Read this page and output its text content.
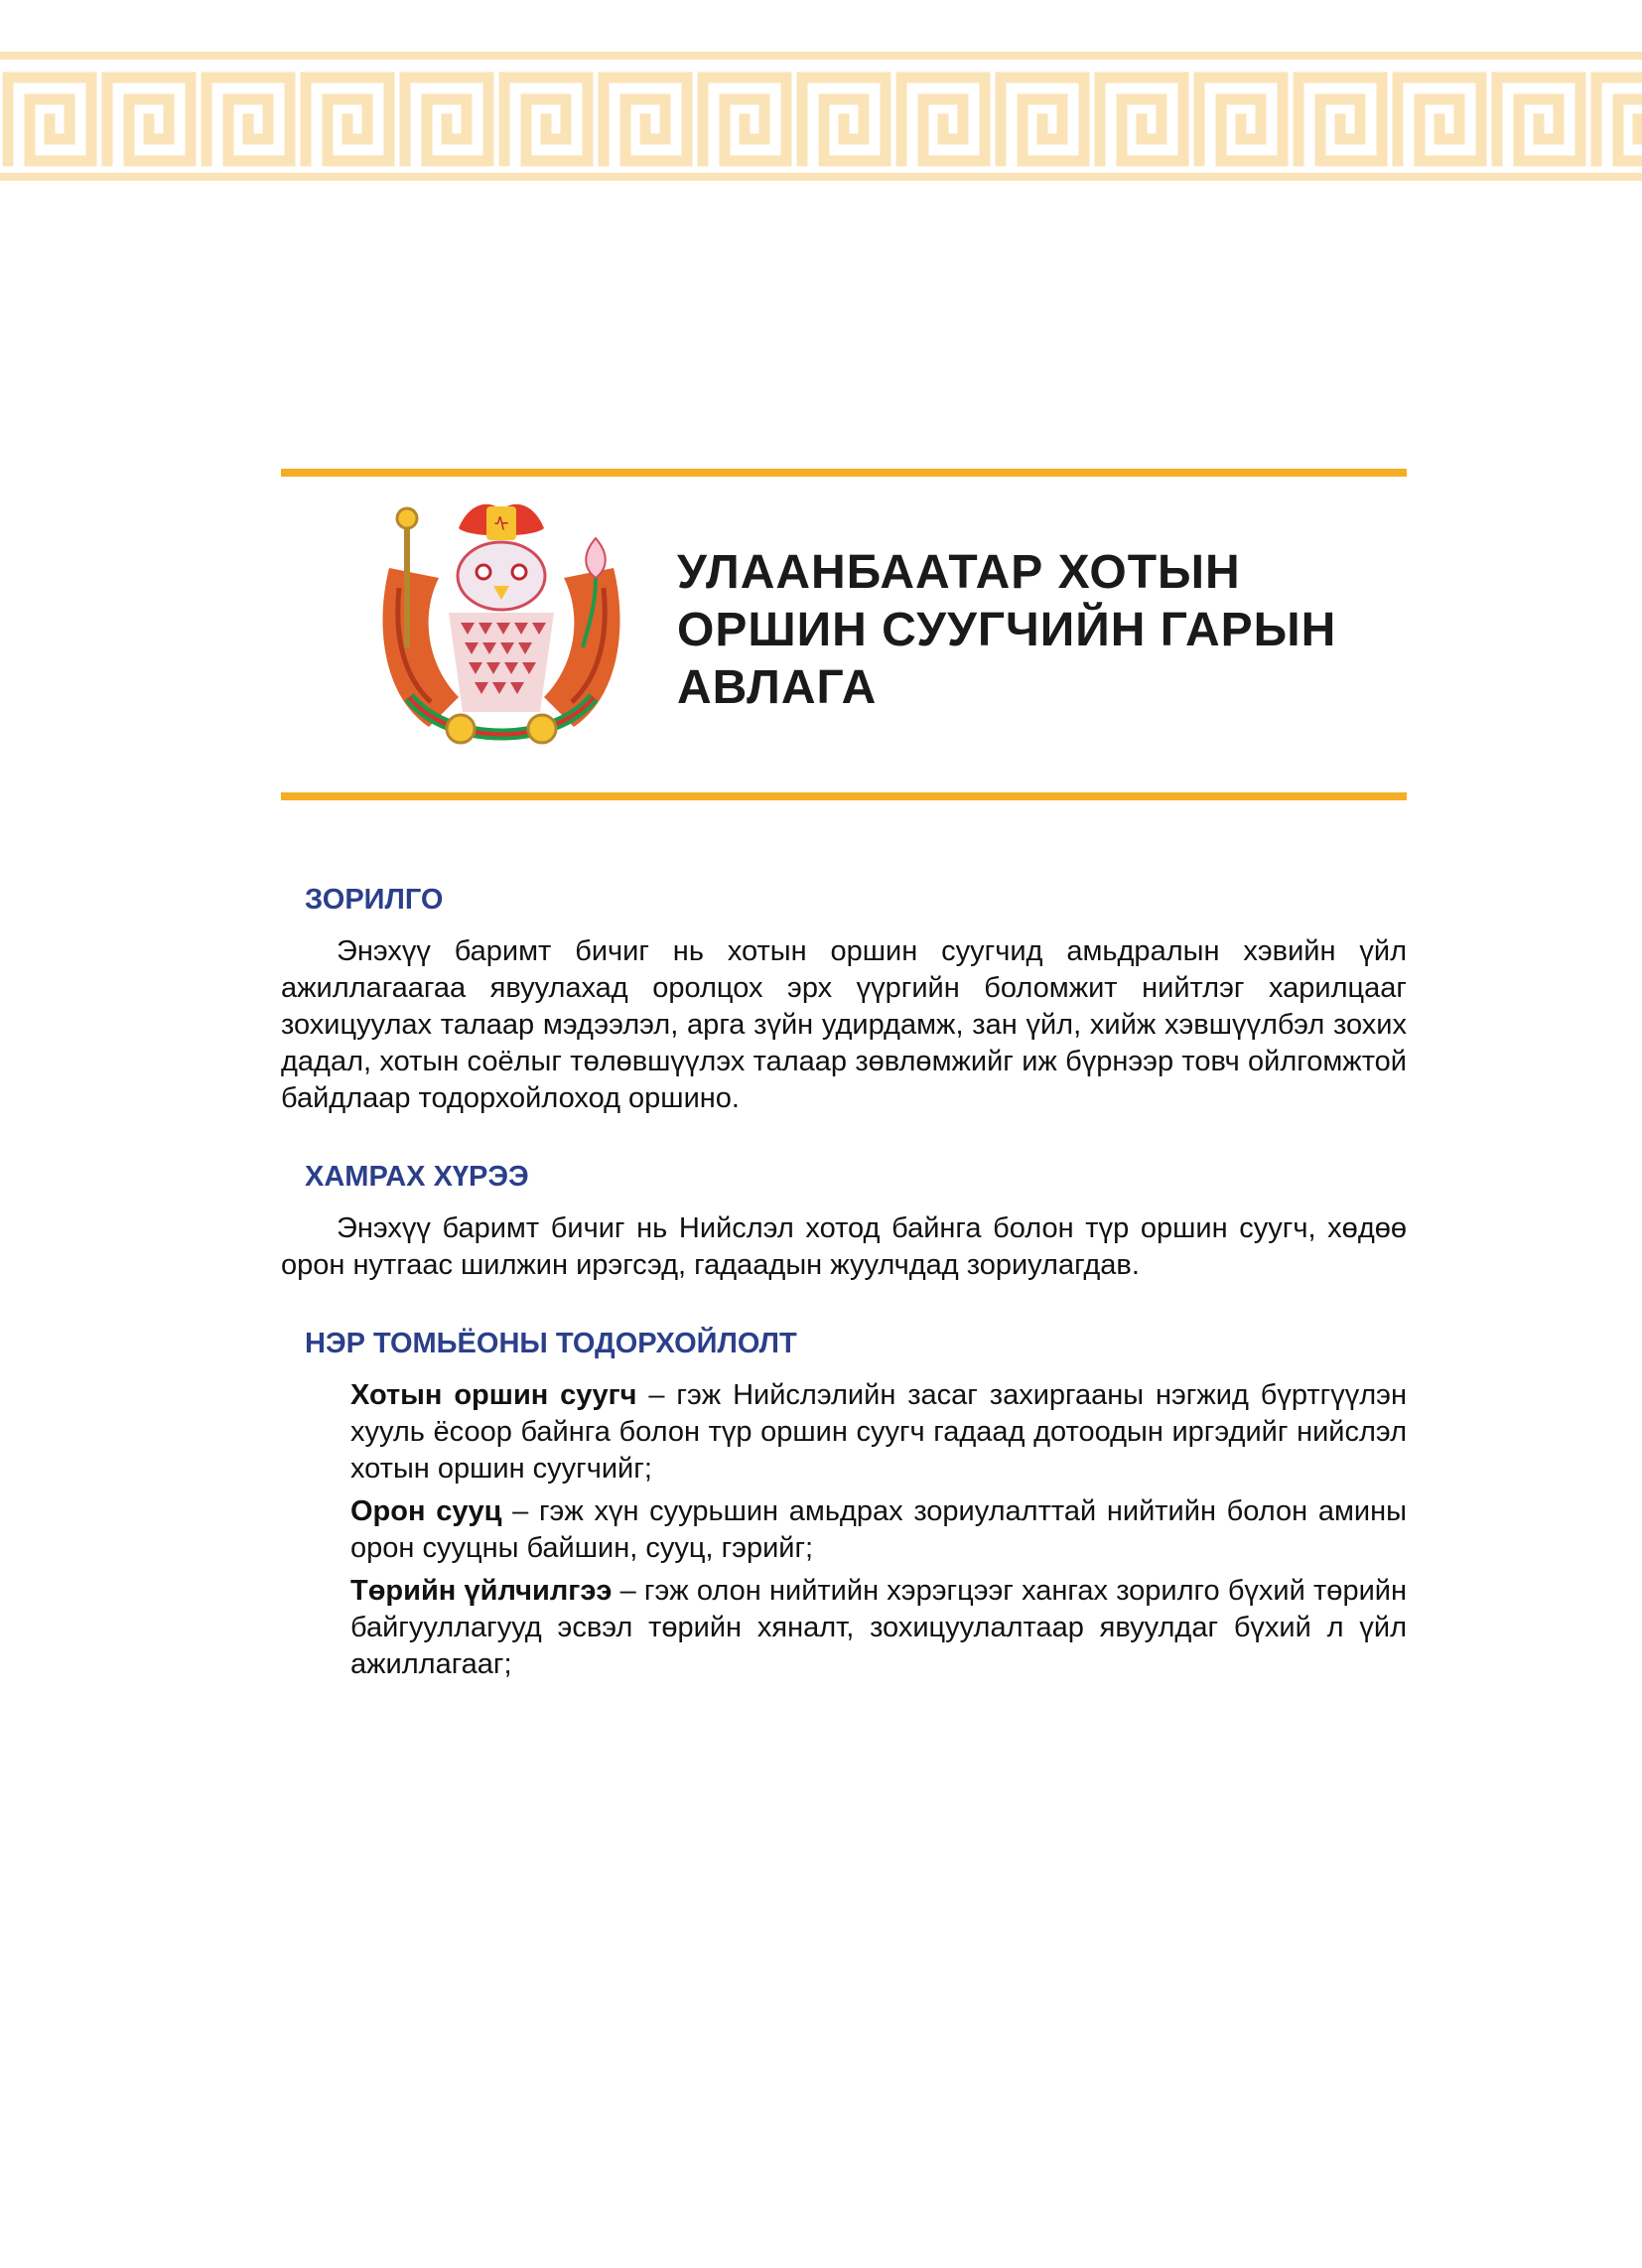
ᠰ
УЛААНБААТАР ХОТЫН
ОРШИН СУУГЧИЙН ГАРЫН
АВЛАГА
ЗОРИЛГО

Энэхүү баримт бичиг нь хотын оршин суугчид амьдралын хэвийн үйл ажиллагаагаа явуулахад оролцох эрх үүргийн боломжит нийтлэг харилцааг зохицуулах талаар мэдээлэл, арга зүйн удирдамж, зан үйл, хийж хэвшүүлбэл зохих дадал, хотын соёлыг төлөвшүүлэх талаар зөвлөмжийг иж бүрнээр товч ойлгомжтой байдлаар тодорхойлоход оршино.

ХАМРАХ ХҮРЭЭ

Энэхүү баримт бичиг нь Нийслэл хотод байнга болон түр оршин суугч, хөдөө орон нутгаас шилжин ирэгсэд, гадаадын жуулчдад зориулагдав.

НЭР ТОМЬЁОНЫ ТОДОРХОЙЛОЛТ

Хотын оршин суугч – гэж Нийслэлийн засаг захиргааны нэгжид бүртгүүлэн хууль ёсоор байнга болон түр оршин суугч гадаад дотоодын иргэдийг нийслэл хотын оршин суугчийг;

Орон сууц – гэж хүн суурьшин амьдрах зориулалттай нийтийн болон амины орон сууцны байшин, сууц, гэрийг;

Төрийн үйлчилгээ – гэж олон нийтийн хэрэгцээг хангах зорилго бүхий төрийн байгууллагууд эсвэл төрийн хяналт, зохицуулалтаар явуулдаг бүхий л үйл ажиллагааг;
